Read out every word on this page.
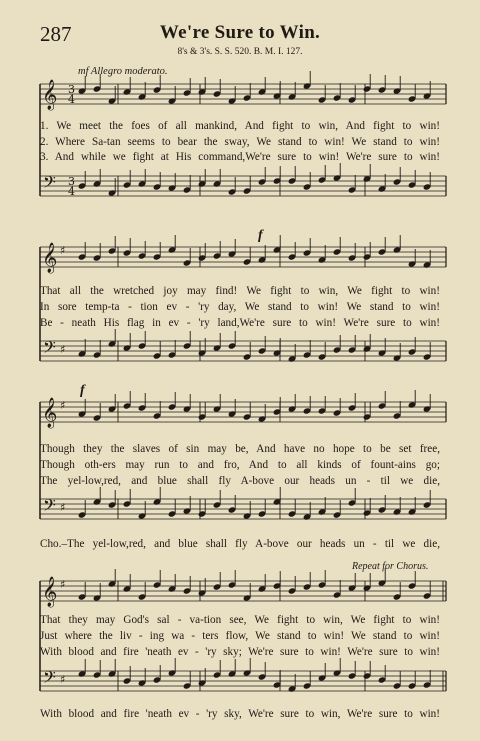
287	We're Sure to Win.
8's & 3's. S. S. 520. B. M. I. 127.
mf Allegro moderato.
Repeat for Chorus.
f
f
𝄞
𝄢
3
4
3
4
𝄞
𝄢
♯
♯
𝄞
𝄢
♯
♯
𝄞
𝄢
♯
♯
1. We meet the foes of all mankind, And fight to win, And fight to win!
2. Where Sa-tan seems to bear the sway, We stand to win! We stand to win!
3. And while we fight at His command,We're sure to win! We're sure to win!
That all the wretched joy may find! We fight to win, We fight to win!
In sore temp-ta - tion ev - 'ry day, We stand to win! We stand to win!
Be - neath His flag in ev - 'ry land,We're sure to win! We're sure to win!
Though they the slaves of sin may be, And have no hope to be set free,
Though oth-ers may run to and fro, And to all kinds of fount-ains go;
The yel-low,red, and blue shall fly A-bove our heads un - til we die,
Cho.–The yel-low,red, and blue shall fly A-bove our heads un - til we die,
That they may God's sal - va-tion see, We fight to win, We fight to win!
Just where the liv - ing wa - ters flow, We stand to win! We stand to win!
With blood and fire 'neath ev - 'ry sky; We're sure to win! We're sure to win!
With blood and fire 'neath ev - 'ry sky, We're sure to win, We're sure to win!
